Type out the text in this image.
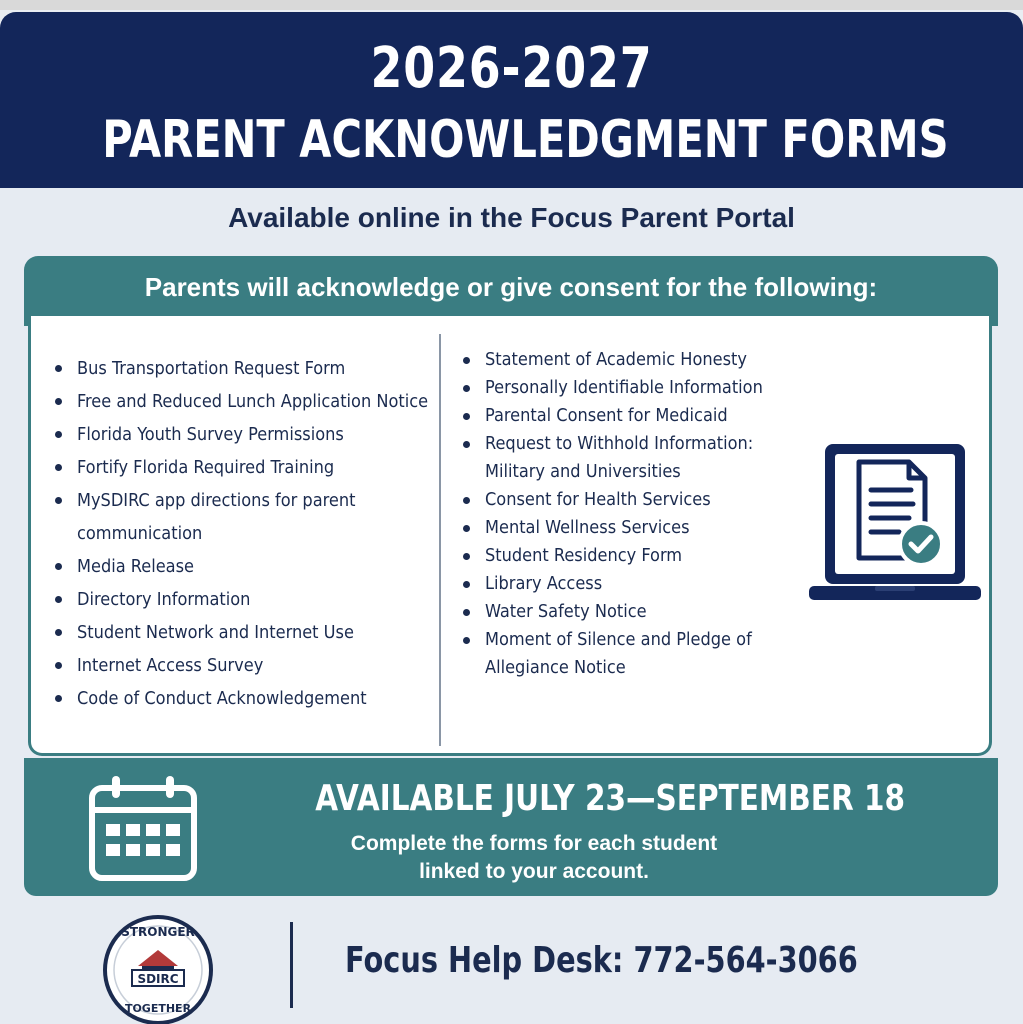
2026-2027
PARENT ACKNOWLEDGMENT FORMS
Available online in the Focus Parent Portal
Parents will acknowledge or give consent for the following:
Bus Transportation Request Form
Free and Reduced Lunch Application Notice
Florida Youth Survey Permissions
Fortify Florida Required Training
MySDIRC app directions for parent communication
Media Release
Directory Information
Student Network and Internet Use
Internet Access Survey
Code of Conduct Acknowledgement
Statement of Academic Honesty
Personally Identifiable Information
Parental Consent for Medicaid
Request to Withhold Information: Military and Universities
Consent for Health Services
Mental Wellness Services
Student Residency Form
Library Access
Water Safety Notice
Moment of Silence and Pledge of Allegiance Notice
AVAILABLE JULY 23—SEPTEMBER 18
Complete the forms for each student
linked to your account.
STRONGER
SDIRC
TOGETHER
Focus Help Desk: 772-564-3066
